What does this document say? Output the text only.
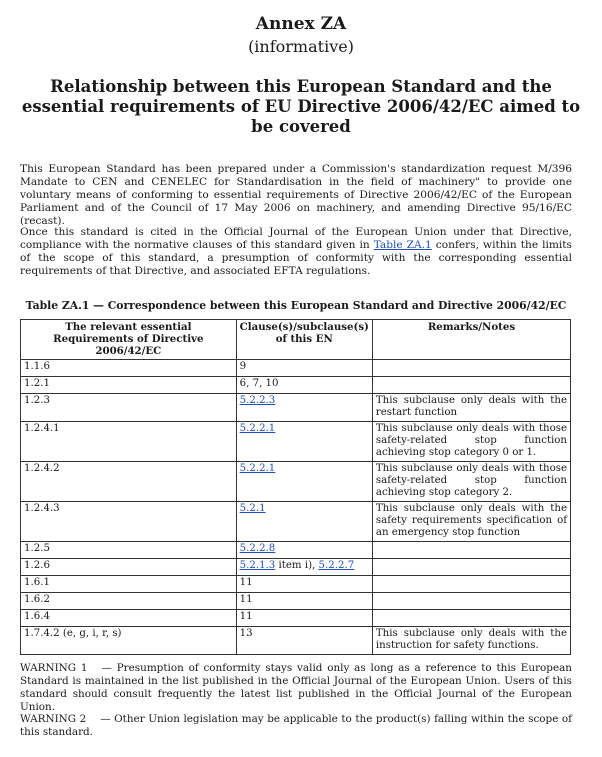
Annex ZA
(informative)
Relationship between this European Standard and the essential requirements of EU Directive 2006/42/EC aimed to be covered

This European Standard has been prepared under a Commission's standardization request M/396 Mandate to CEN and CENELEC for Standardisation in the field of machinery" to provide one voluntary means of conforming to essential requirements of Directive 2006/42/EC of the European Parliament and of the Council of 17 May 2006 on machinery, and amending Directive 95/16/EC (recast).

Once this standard is cited in the Official Journal of the European Union under that Directive, compliance with the normative clauses of this standard given in Table ZA.1 confers, within the limits of the scope of this standard, a presumption of conformity with the corresponding essential requirements of that Directive, and associated EFTA regulations.

Table ZA.1 — Correspondence between this European Standard and Directive 2006/42/EC
The relevant essential Requirements of Directive 2006/42/EC	Clause(s)/subclause(s) of this EN	Remarks/Notes
1.1.6	9	
1.2.1	6, 7, 10	
1.2.3	5.2.2.3	This subclause only deals with the restart function
1.2.4.1	5.2.2.1	This subclause only deals with those safety-related stop function achieving stop category 0 or 1.
1.2.4.2	5.2.2.1	This subclause only deals with those safety-related stop function achieving stop category 2.
1.2.4.3	5.2.1	This subclause only deals with the safety requirements specification of an emergency stop function
1.2.5	5.2.2.8	
1.2.6	5.2.1.3 item i), 5.2.2.7	
1.6.1	11	
1.6.2	11	
1.6.4	11	
1.7.4.2 (e, g, i, r, s)	13	This subclause only deals with the instruction for safety functions.

WARNING 1 — Presumption of conformity stays valid only as long as a reference to this European Standard is maintained in the list published in the Official Journal of the European Union. Users of this standard should consult frequently the latest list published in the Official Journal of the European Union.

WARNING 2 — Other Union legislation may be applicable to the product(s) falling within the scope of this standard.
